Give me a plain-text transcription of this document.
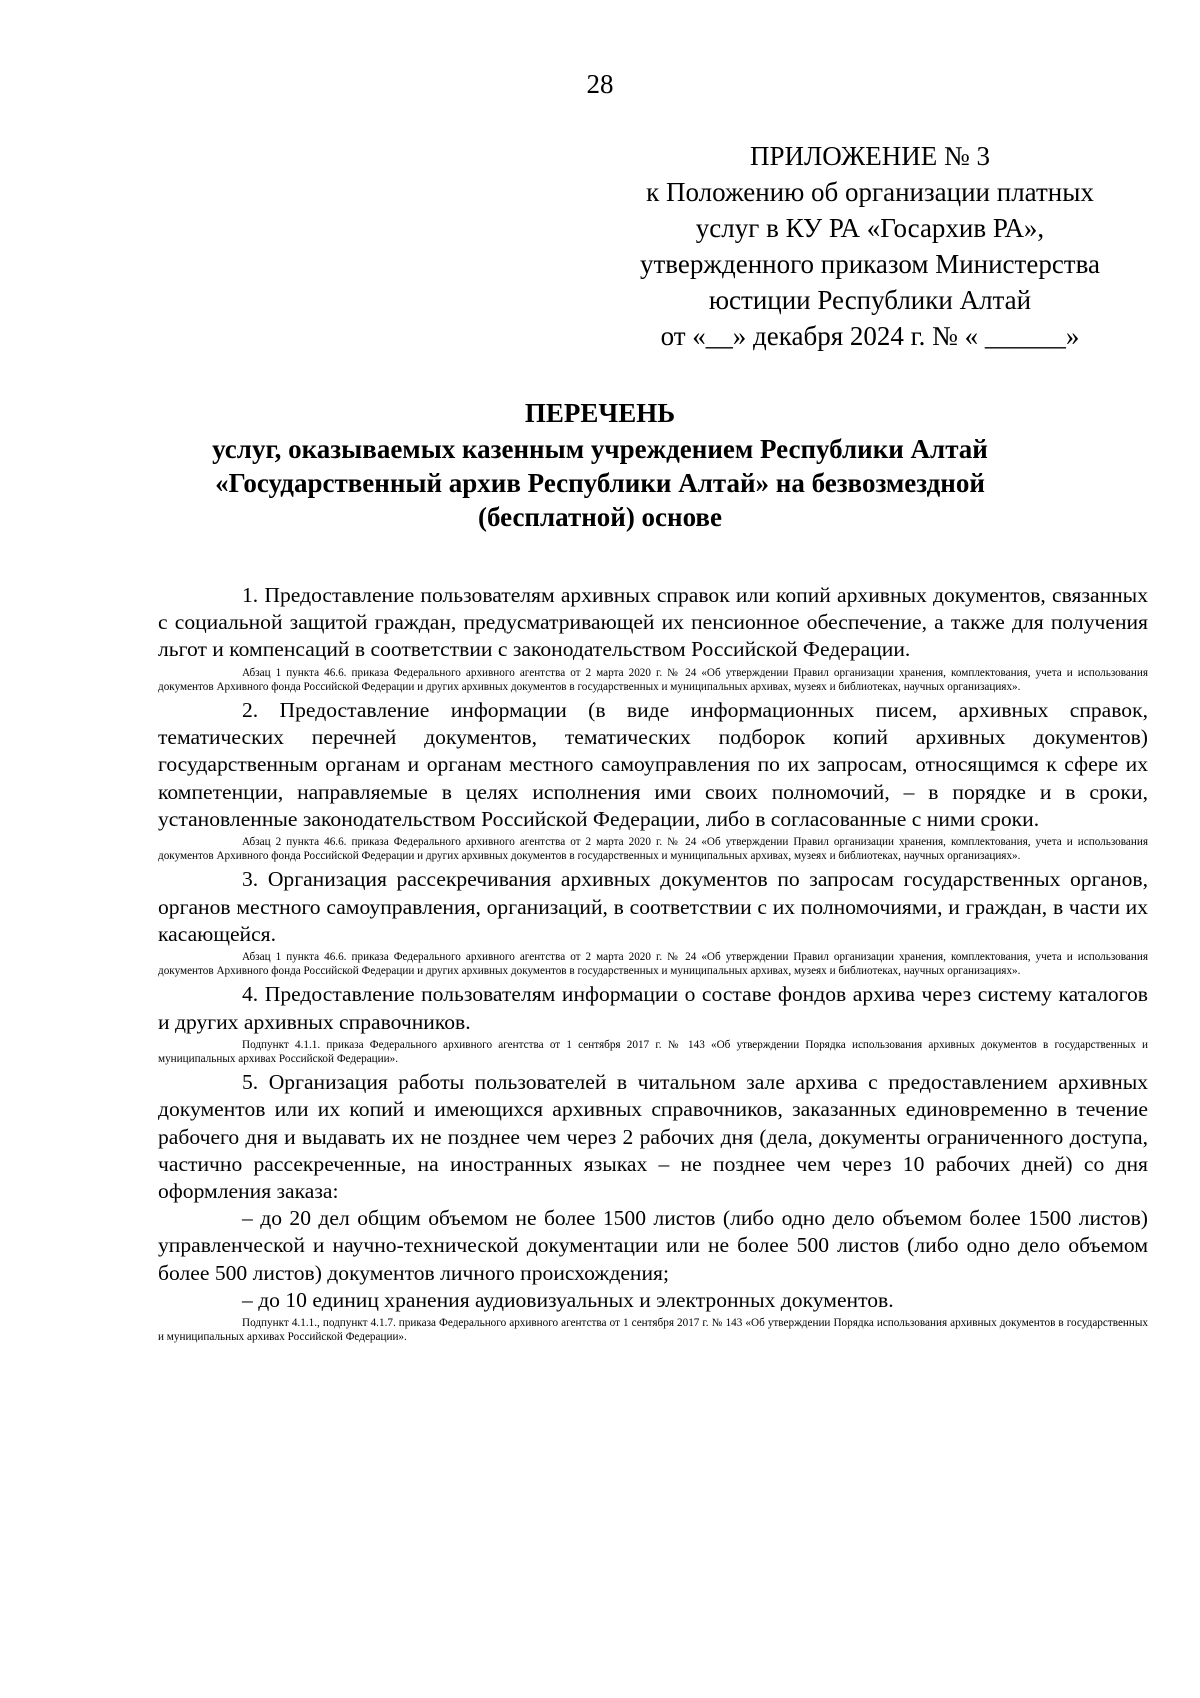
28
ПРИЛОЖЕНИЕ № 3
к Положению об организации платных
услуг в КУ РА «Госархив РА»,
утвержденного приказом Министерства
юстиции Республики Алтай
от «__» декабря 2024 г. № « ______»
ПЕРЕЧЕНЬ
услуг, оказываемых казенным учреждением Республики Алтай
«Государственный архив Республики Алтай» на безвозмездной
(бесплатной) основе

1. Предоставление пользователям архивных справок или копий архивных документов, связанных с социальной защитой граждан, предусматривающей их пенсионное обеспечение, а также для получения льгот и компенсаций в соответствии с законодательством Российской Федерации.

Абзац 1 пункта 46.6. приказа Федерального архивного агентства от 2 марта 2020 г. № 24 «Об утверждении Правил организации хранения, комплектования, учета и использования документов Архивного фонда Российской Федерации и других архивных документов в государственных и муниципальных архивах, музеях и библиотеках, научных организациях».

2. Предоставление информации (в виде информационных писем, архивных справок, тематических перечней документов, тематических подборок копий архивных документов) государственным органам и органам местного самоуправления по их запросам, относящимся к сфере их компетенции, направляемые в целях исполнения ими своих полномочий, – в порядке и в сроки, установленные законодательством Российской Федерации, либо в согласованные с ними сроки.

Абзац 2 пункта 46.6. приказа Федерального архивного агентства от 2 марта 2020 г. № 24 «Об утверждении Правил организации хранения, комплектования, учета и использования документов Архивного фонда Российской Федерации и других архивных документов в государственных и муниципальных архивах, музеях и библиотеках, научных организациях».

3. Организация рассекречивания архивных документов по запросам государственных органов, органов местного самоуправления, организаций, в соответствии с их полномочиями, и граждан, в части их касающейся.

Абзац 1 пункта 46.6. приказа Федерального архивного агентства от 2 марта 2020 г. № 24 «Об утверждении Правил организации хранения, комплектования, учета и использования документов Архивного фонда Российской Федерации и других архивных документов в государственных и муниципальных архивах, музеях и библиотеках, научных организациях».

4. Предоставление пользователям информации о составе фондов архива через систему каталогов и других архивных справочников.

Подпункт 4.1.1. приказа Федерального архивного агентства от 1 сентября 2017 г. № 143 «Об утверждении Порядка использования архивных документов в государственных и муниципальных архивах Российской Федерации».

5. Организация работы пользователей в читальном зале архива с предоставлением архивных документов или их копий и имеющихся архивных справочников, заказанных единовременно в течение рабочего дня и выдавать их не позднее чем через 2 рабочих дня (дела, документы ограниченного доступа, частично рассекреченные, на иностранных языках – не позднее чем через 10 рабочих дней) со дня оформления заказа:

– до 20 дел общим объемом не более 1500 листов (либо одно дело объемом более 1500 листов) управленческой и научно-технической документации или не более 500 листов (либо одно дело объемом более 500 листов) документов личного происхождения;

– до 10 единиц хранения аудиовизуальных и электронных документов.

Подпункт 4.1.1., подпункт 4.1.7. приказа Федерального архивного агентства от 1 сентября 2017 г. № 143 «Об утверждении Порядка использования архивных документов в государственных и муниципальных архивах Российской Федерации».
